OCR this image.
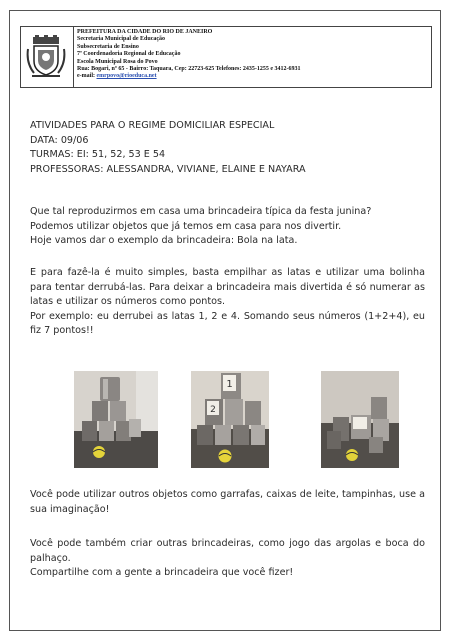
PREFEITURA DA CIDADE DO RIO DE JANEIRO
Secretaria Municipal de Educação
Subsecretaria de Ensino
7ª Coordenadoria Regional de Educação
Escola Municipal Rosa do Povo
Rua: Bogari, nº 65 - Bairro: Taquara, Cep: 22723-625 Telefones: 2435-1255 e 3412-6931
e-mail: emrpovo@rioeduca.net
ATIVIDADES PARA O REGIME DOMICILIAR ESPECIAL
DATA: 09/06
TURMAS: EI: 51, 52, 53 E 54
PROFESSORAS: ALESSANDRA, VIVIANE, ELAINE E NAYARA
Que tal reproduzirmos em casa uma brincadeira típica da festa junina?
Podemos utilizar objetos que já temos em casa para nos divertir.
Hoje vamos dar o exemplo da brincadeira: Bola na lata.
E para fazê-la é muito simples, basta empilhar as latas e utilizar uma bolinha para tentar derrubá-las. Para deixar a brincadeira mais divertida é só numerar as latas e utilizar os números como pontos.
Por exemplo: eu derrubei as latas 1, 2 e 4. Somando seus números (1+2+4), eu fiz 7 pontos!!
1
2
Você pode utilizar outros objetos como garrafas, caixas de leite, tampinhas, use a sua imaginação!
Você pode também criar outras brincadeiras, como jogo das argolas e boca do palhaço.
Compartilhe com a gente a brincadeira que você fizer!
